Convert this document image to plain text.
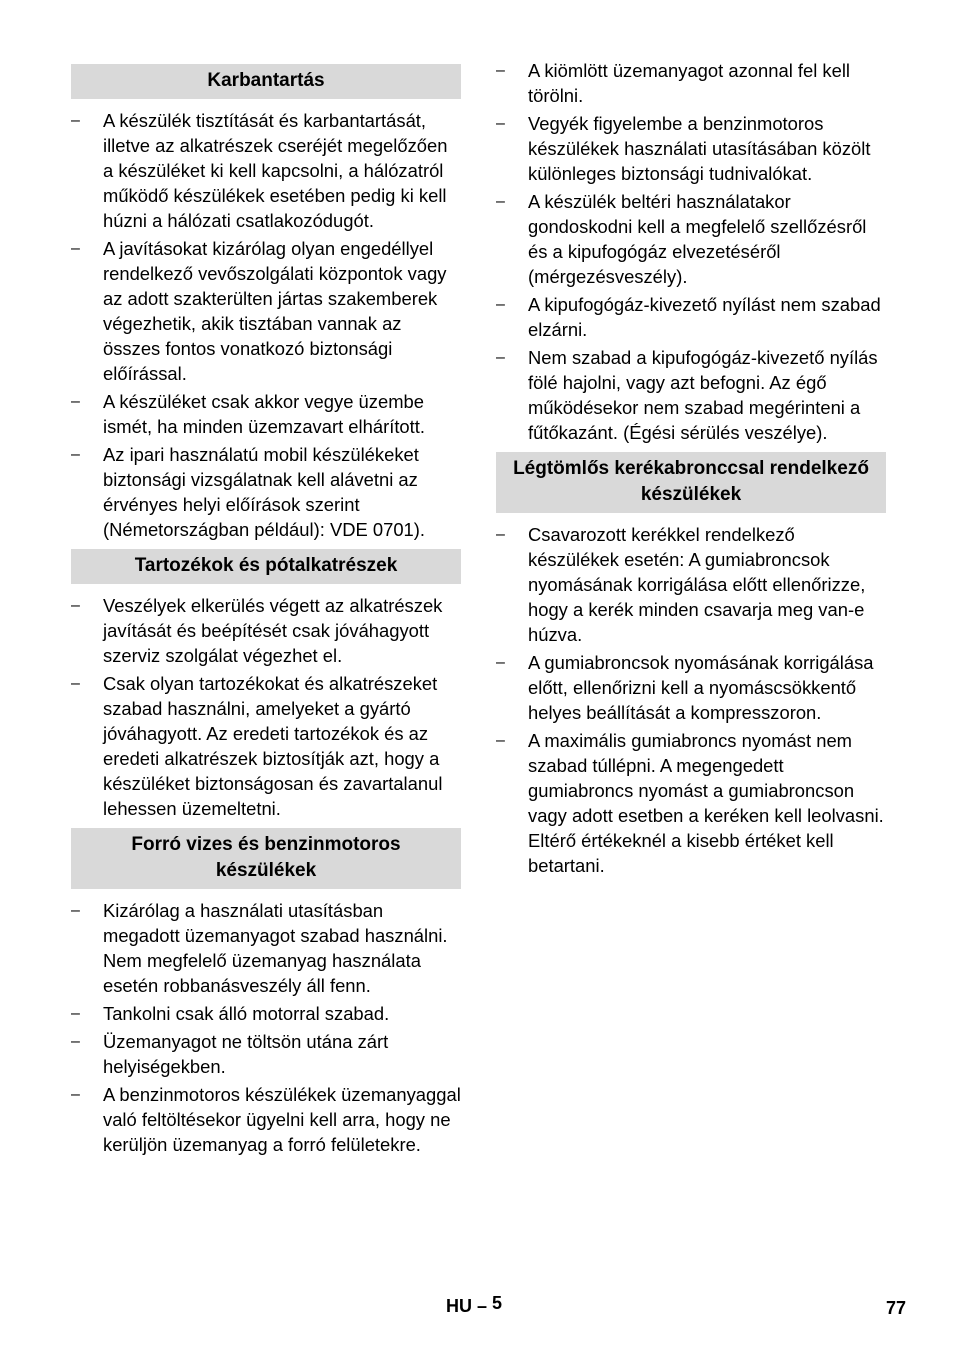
Karbantartás
– A készülék tisztítását és karbantartását, illetve az alkatrészek cseréjét megelőzően a készüléket ki kell kapcsolni, a hálózatról működő készülékek esetében pedig ki kell húzni a hálózati csatlakozódugót.
– A javításokat kizárólag olyan engedéllyel rendelkező vevőszolgálati központok vagy az adott szakterülten jártas szakemberek végezhetik, akik tisztában vannak az összes fontos vonatkozó biztonsági előírással.
– A készüléket csak akkor vegye üzembe ismét, ha minden üzemzavart elhárított.
– Az ipari használatú mobil készülékeket biztonsági vizsgálatnak kell alávetni az érvényes helyi előírások szerint (Németországban például): VDE 0701).
Tartozékok és pótalkatrészek
– Veszélyek elkerülés végett az alkatrészek javítását és beépítését csak jóváhagyott szerviz szolgálat végezhet el.
– Csak olyan tartozékokat és alkatrészeket szabad használni, amelyeket a gyártó jóváhagyott. Az eredeti tartozékok és az eredeti alkatrészek biztosítják azt, hogy a készüléket biztonságosan és zavartalanul lehessen üzemeltetni.
Forró vizes és benzinmotoros készülékek
– Kizárólag a használati utasításban megadott üzemanyagot szabad használni. Nem megfelelő üzemanyag használata esetén robbanásveszély áll fenn.
– Tankolni csak álló motorral szabad.
– Üzemanyagot ne töltsön utána zárt helyiségekben.
– A benzinmotoros készülékek üzemanyaggal való feltöltésekor ügyelni kell arra, hogy ne kerüljön üzemanyag a forró felületekre.
– A kiömlött üzemanyagot azonnal fel kell törölni.
– Vegyék figyelembe a benzinmotoros készülékek használati utasításában közölt különleges biztonsági tudnivalókat.
– A készülék beltéri használatakor gondoskodni kell a megfelelő szellőzésről és a kipufogógáz elvezetéséről (mérgezésveszély).
– A kipufogógáz-kivezető nyílást nem szabad elzárni.
– Nem szabad a kipufogógáz-kivezető nyílás fölé hajolni, vagy azt befogni. Az égő működésekor nem szabad megérinteni a fűtőkazánt. (Égési sérülés veszélye).
Légtömlős kerékabronccsal rendelkező készülékek
– Csavarozott kerékkel rendelkező készülékek esetén: A gumiabroncsok nyomásának korrigálása előtt ellenőrizze, hogy a kerék minden csavarja meg van-e húzva.
– A gumiabroncsok nyomásának korrigálása előtt, ellenőrizni kell a nyomáscsökkentő helyes beállítását a kompresszoron.
– A maximális gumiabroncs nyomást nem szabad túllépni. A megengedett gumiabroncs nyomást a gumiabroncson vagy adott esetben a keréken kell leolvasni. Eltérő értékeknél a kisebb értéket kell betartani.
HU – 5	77
